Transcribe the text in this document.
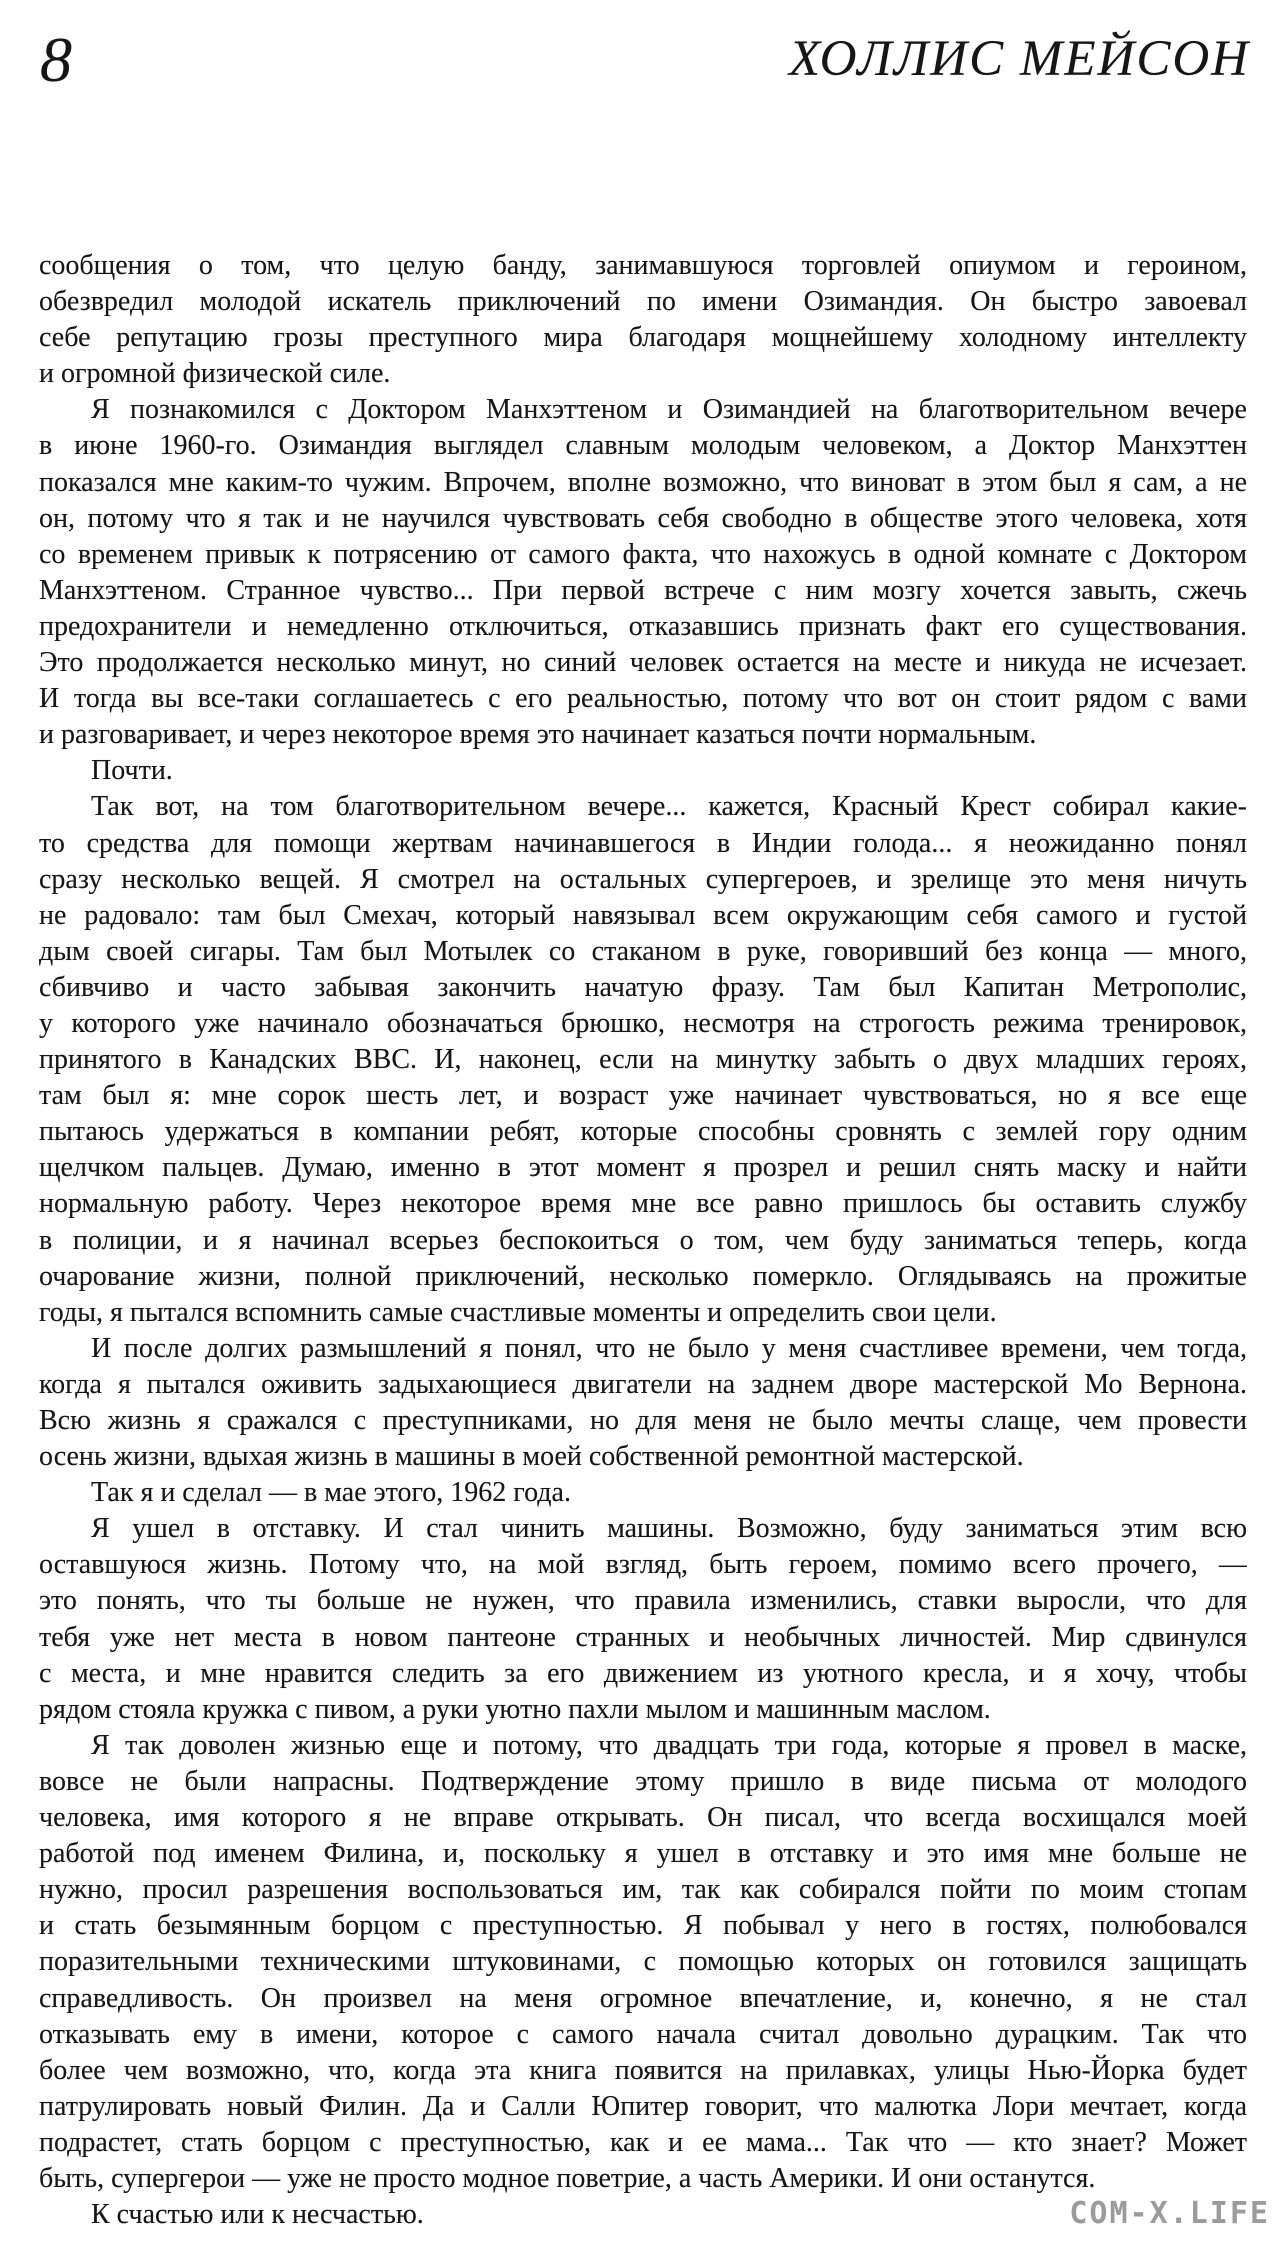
8	ХОЛЛИС МЕЙСОН
сообщения о том, что целую банду, занимавшуюся торговлей опиумом и героином,
обезвредил молодой искатель приключений по имени Озимандия. Он быстро завоевал
себе репутацию грозы преступного мира благодаря мощнейшему холодному интеллекту
и огромной физической силе.
Я познакомился с Доктором Манхэттеном и Озимандией на благотворительном вечере
в июне 1960-го. Озимандия выглядел славным молодым человеком, а Доктор Манхэттен
показался мне каким-то чужим. Впрочем, вполне возможно, что виноват в этом был я сам, а не
он, потому что я так и не научился чувствовать себя свободно в обществе этого человека, хотя
со временем привык к потрясению от самого факта, что нахожусь в одной комнате с Доктором
Манхэттеном. Странное чувство... При первой встрече с ним мозгу хочется завыть, сжечь
предохранители и немедленно отключиться, отказавшись признать факт его существования.
Это продолжается несколько минут, но синий человек остается на месте и никуда не исчезает.
И тогда вы все-таки соглашаетесь с его реальностью, потому что вот он стоит рядом с вами
и разговаривает, и через некоторое время это начинает казаться почти нормальным.
Почти.
Так вот, на том благотворительном вечере... кажется, Красный Крест собирал какие-
то средства для помощи жертвам начинавшегося в Индии голода... я неожиданно понял
сразу несколько вещей. Я смотрел на остальных супергероев, и зрелище это меня ничуть
не радовало: там был Смехач, который навязывал всем окружающим себя самого и густой
дым своей сигары. Там был Мотылек со стаканом в руке, говоривший без конца — много,
сбивчиво и часто забывая закончить начатую фразу. Там был Капитан Метрополис,
у которого уже начинало обозначаться брюшко, несмотря на строгость режима тренировок,
принятого в Канадских ВВС. И, наконец, если на минутку забыть о двух младших героях,
там был я: мне сорок шесть лет, и возраст уже начинает чувствоваться, но я все еще
пытаюсь удержаться в компании ребят, которые способны сровнять с землей гору одним
щелчком пальцев. Думаю, именно в этот момент я прозрел и решил снять маску и найти
нормальную работу. Через некоторое время мне все равно пришлось бы оставить службу
в полиции, и я начинал всерьез беспокоиться о том, чем буду заниматься теперь, когда
очарование жизни, полной приключений, несколько померкло. Оглядываясь на прожитые
годы, я пытался вспомнить самые счастливые моменты и определить свои цели.
И после долгих размышлений я понял, что не было у меня счастливее времени, чем тогда,
когда я пытался оживить задыхающиеся двигатели на заднем дворе мастерской Мо Вернона.
Всю жизнь я сражался с преступниками, но для меня не было мечты слаще, чем провести
осень жизни, вдыхая жизнь в машины в моей собственной ремонтной мастерской.
Так я и сделал — в мае этого, 1962 года.
Я ушел в отставку. И стал чинить машины. Возможно, буду заниматься этим всю
оставшуюся жизнь. Потому что, на мой взгляд, быть героем, помимо всего прочего, —
это понять, что ты больше не нужен, что правила изменились, ставки выросли, что для
тебя уже нет места в новом пантеоне странных и необычных личностей. Мир сдвинулся
с места, и мне нравится следить за его движением из уютного кресла, и я хочу, чтобы
рядом стояла кружка с пивом, а руки уютно пахли мылом и машинным маслом.
Я так доволен жизнью еще и потому, что двадцать три года, которые я провел в маске,
вовсе не были напрасны. Подтверждение этому пришло в виде письма от молодого
человека, имя которого я не вправе открывать. Он писал, что всегда восхищался моей
работой под именем Филина, и, поскольку я ушел в отставку и это имя мне больше не
нужно, просил разрешения воспользоваться им, так как собирался пойти по моим стопам
и стать безымянным борцом с преступностью. Я побывал у него в гостях, полюбовался
поразительными техническими штуковинами, с помощью которых он готовился защищать
справедливость. Он произвел на меня огромное впечатление, и, конечно, я не стал
отказывать ему в имени, которое с самого начала считал довольно дурацким. Так что
более чем возможно, что, когда эта книга появится на прилавках, улицы Нью-Йорка будет
патрулировать новый Филин. Да и Салли Юпитер говорит, что малютка Лори мечтает, когда
подрастет, стать борцом с преступностью, как и ее мама... Так что — кто знает? Может
быть, супергерои — уже не просто модное поветрие, а часть Америки. И они останутся.
К счастью или к несчастью.	COM-X.LIFE
